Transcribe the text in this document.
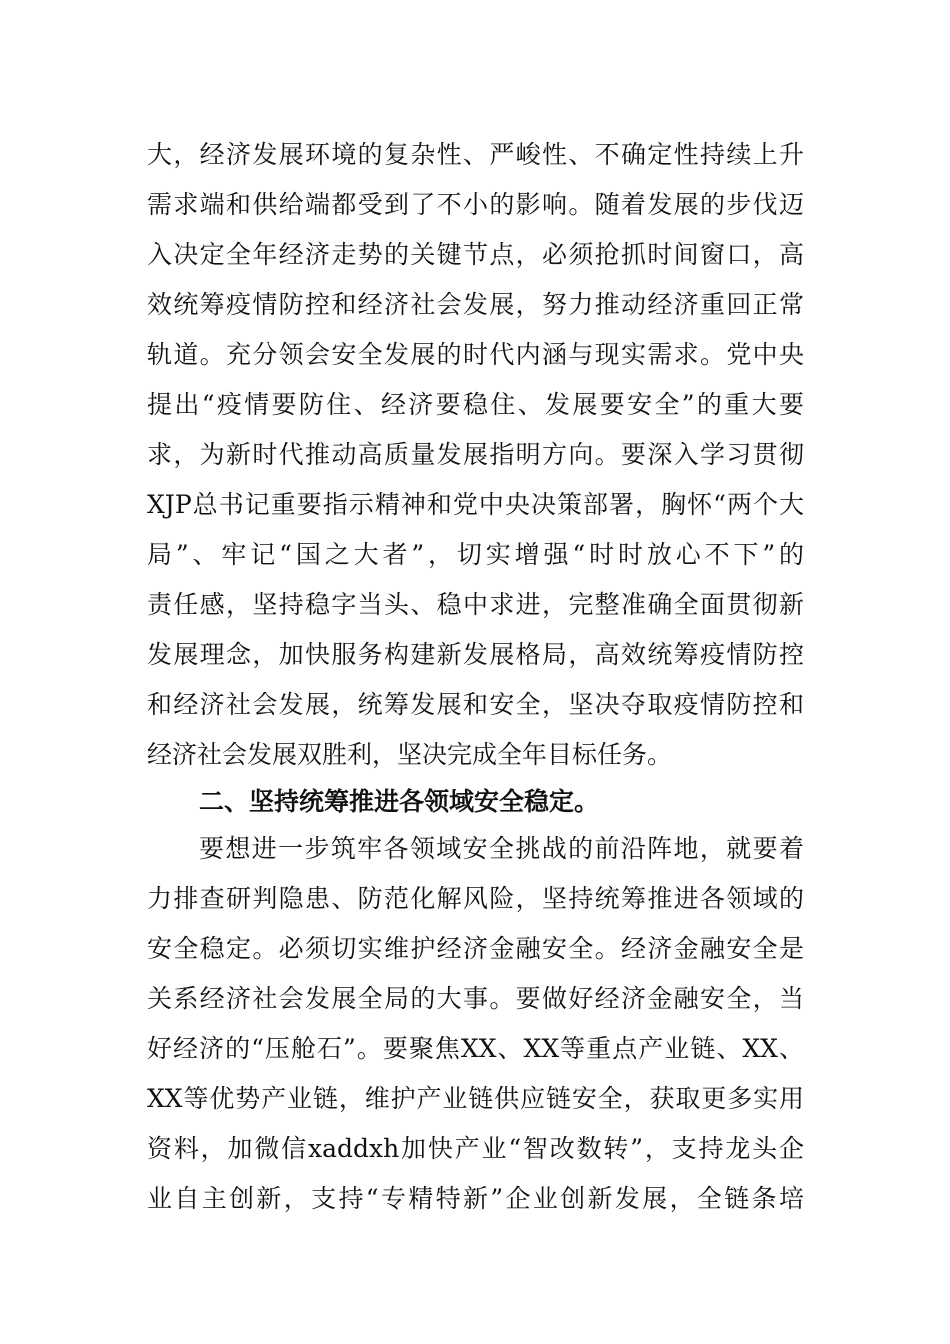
大，经济发展环境的复杂性、严峻性、不确定性持续上升
需求端和供给端都受到了不小的影响。随着发展的步伐迈
入决定全年经济走势的关键节点，必须抢抓时间窗口，高
效统筹疫情防控和经济社会发展，努力推动经济重回正常
轨道。充分领会安全发展的时代内涵与现实需求。党中央
提出“疫情要防住、经济要稳住、发展要安全”的重大要
求，为新时代推动高质量发展指明方向。要深入学习贯彻
XJP总书记重要指示精神和党中央决策部署，胸怀“两个大
局”、牢记“国之大者”，切实增强“时时放心不下”的
责任感，坚持稳字当头、稳中求进，完整准确全面贯彻新
发展理念，加快服务构建新发展格局，高效统筹疫情防控
和经济社会发展，统筹发展和安全，坚决夺取疫情防控和
经济社会发展双胜利，坚决完成全年目标任务。
二、坚持统筹推进各领域安全稳定。
要想进一步筑牢各领域安全挑战的前沿阵地，就要着
力排查研判隐患、防范化解风险，坚持统筹推进各领域的
安全稳定。必须切实维护经济金融安全。经济金融安全是
关系经济社会发展全局的大事。要做好经济金融安全，当
好经济的“压舱石”。要聚焦XX、XX等重点产业链、XX、
XX等优势产业链，维护产业链供应链安全，获取更多实用
资料，加微信xaddxh加快产业“智改数转”，支持龙头企
业自主创新，支持“专精特新”企业创新发展，全链条培
